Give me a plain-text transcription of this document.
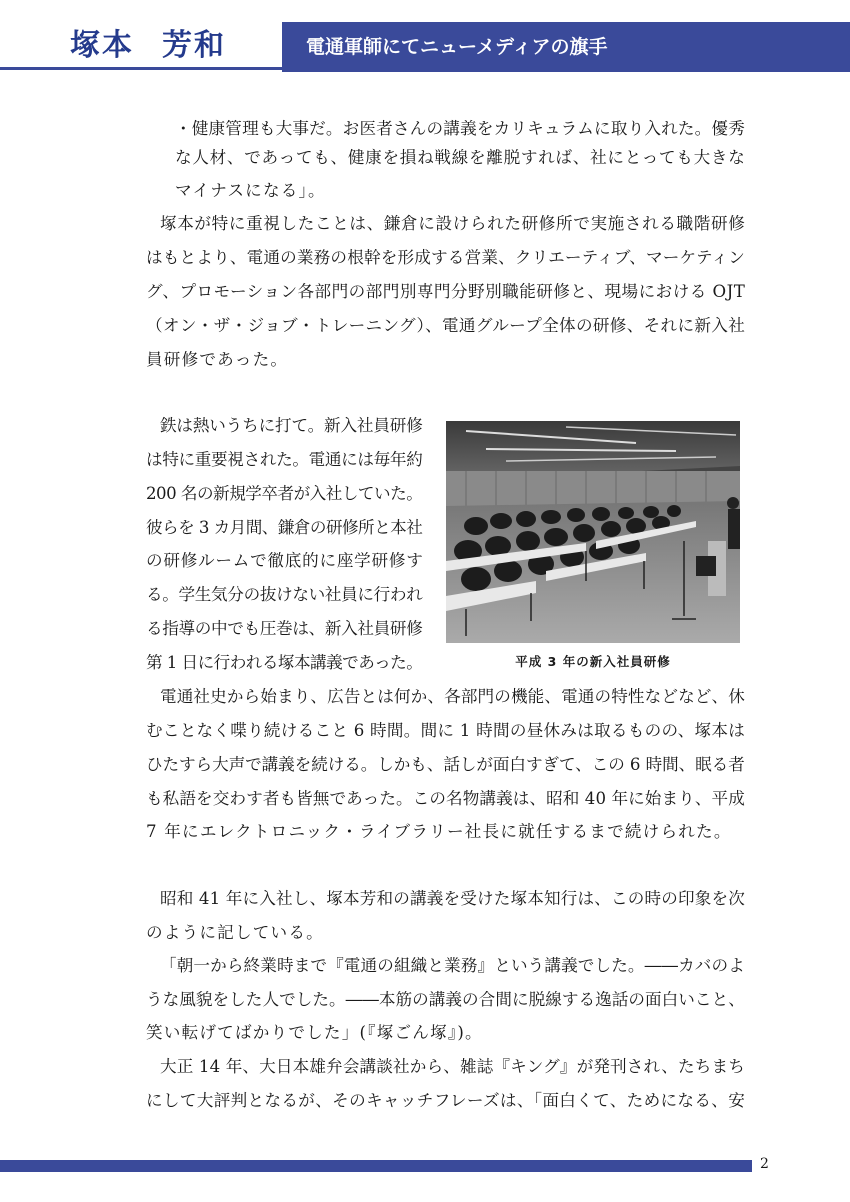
塚本 芳和	電通軍師にてニューメディアの旗手
・健康管理も大事だ。お医者さんの講義をカリキュラムに取り入れた。優秀
な人材、であっても、健康を損ね戦線を離脱すれば、社にとっても大きな
マイナスになる」。
塚本が特に重視したことは、鎌倉に設けられた研修所で実施される職階研修
はもとより、電通の業務の根幹を形成する営業、クリエーティブ、マーケティン
グ、プロモーション各部門の部門別専門分野別職能研修と、現場における OJT
（オン・ザ・ジョブ・トレーニング）、電通グループ全体の研修、それに新入社
員研修であった。
鉄は熱いうちに打て。新入社員研修
は特に重要視された。電通には毎年約
200 名の新規学卒者が入社していた。
彼らを 3 カ月間、鎌倉の研修所と本社
の研修ルームで徹底的に座学研修す
る。学生気分の抜けない社員に行われ
る指導の中でも圧巻は、新入社員研修
第 1 日に行われる塚本講義であった。
電通社史から始まり、広告とは何か、各部門の機能、電通の特性などなど、休
むことなく喋り続けること 6 時間。間に 1 時間の昼休みは取るものの、塚本は
ひたすら大声で講義を続ける。しかも、話しが面白すぎて、この 6 時間、眠る者
も私語を交わす者も皆無であった。この名物講義は、昭和 40 年に始まり、平成
7 年にエレクトロニック・ライブラリー社長に就任するまで続けられた。
昭和 41 年に入社し、塚本芳和の講義を受けた塚本知行は、この時の印象を次
のように記している。
「朝一から終業時まで『電通の組織と業務』という講義でした。――カバのよ
うな風貌をした人でした。――本筋の講義の合間に脱線する逸話の面白いこと、
笑い転げてばかりでした」(『塚ごん塚』)。
大正 14 年、大日本雄弁会講談社から、雑誌『キング』が発刊され、たちまち
にして大評判となるが、そのキャッチフレーズは、「面白くて、ためになる、安
平成 3 年の新入社員研修
2
